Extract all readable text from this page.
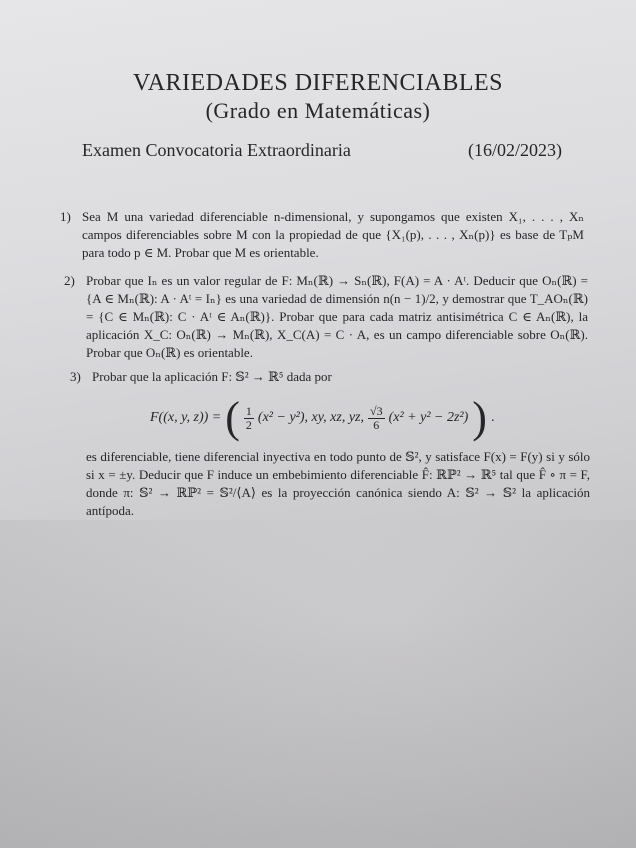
VARIEDADES DIFERENCIABLES
(Grado en Matemáticas)
Examen Convocatoria Extraordinaria	(16/02/2023)
1) Sea M una variedad diferenciable n-dimensional, y supongamos que existen X₁, . . . , Xₙ campos diferenciables sobre M con la propiedad de que {X₁(p), . . . , Xₙ(p)} es base de TₚM para todo p ∈ M. Probar que M es orientable.
2) Probar que Iₙ es un valor regular de F: Mₙ(ℝ) → Sₙ(ℝ), F(A) = A · Aᵗ. Deducir que Oₙ(ℝ) = {A ∈ Mₙ(ℝ): A · Aᵗ = Iₙ} es una variedad de dimensión n(n − 1)/2, y demostrar que T_AOₙ(ℝ) = {C ∈ Mₙ(ℝ): C · Aᵗ ∈ Aₙ(ℝ)}. Probar que para cada matriz antisimétrica C ∈ Aₙ(ℝ), la aplicación X_C: Oₙ(ℝ) → Mₙ(ℝ), X_C(A) = C · A, es un campo diferenciable sobre Oₙ(ℝ). Probar que Oₙ(ℝ) es orientable.
3) Probar que la aplicación F: 𝕊² → ℝ⁵ dada por
F((x, y, z)) = ( $\frac{1}{2} (x^2 - y^2)$, xy, xz, yz, $\frac{√3}{6} (x^2 + y^2 - 2z^2)$ ) .
es diferenciable, tiene diferencial inyectiva en todo punto de 𝕊², y satisface F(x) = F(y) si y sólo si x = ±y. Deducir que F induce un embebimiento diferenciable F̂: ℝℙ² → ℝ⁵ tal que F̂ ∘ π = F, donde π: 𝕊² → ℝℙ² = 𝕊²/⟨A⟩ es la proyección canónica siendo A: 𝕊² → 𝕊² la aplicación antípoda.
